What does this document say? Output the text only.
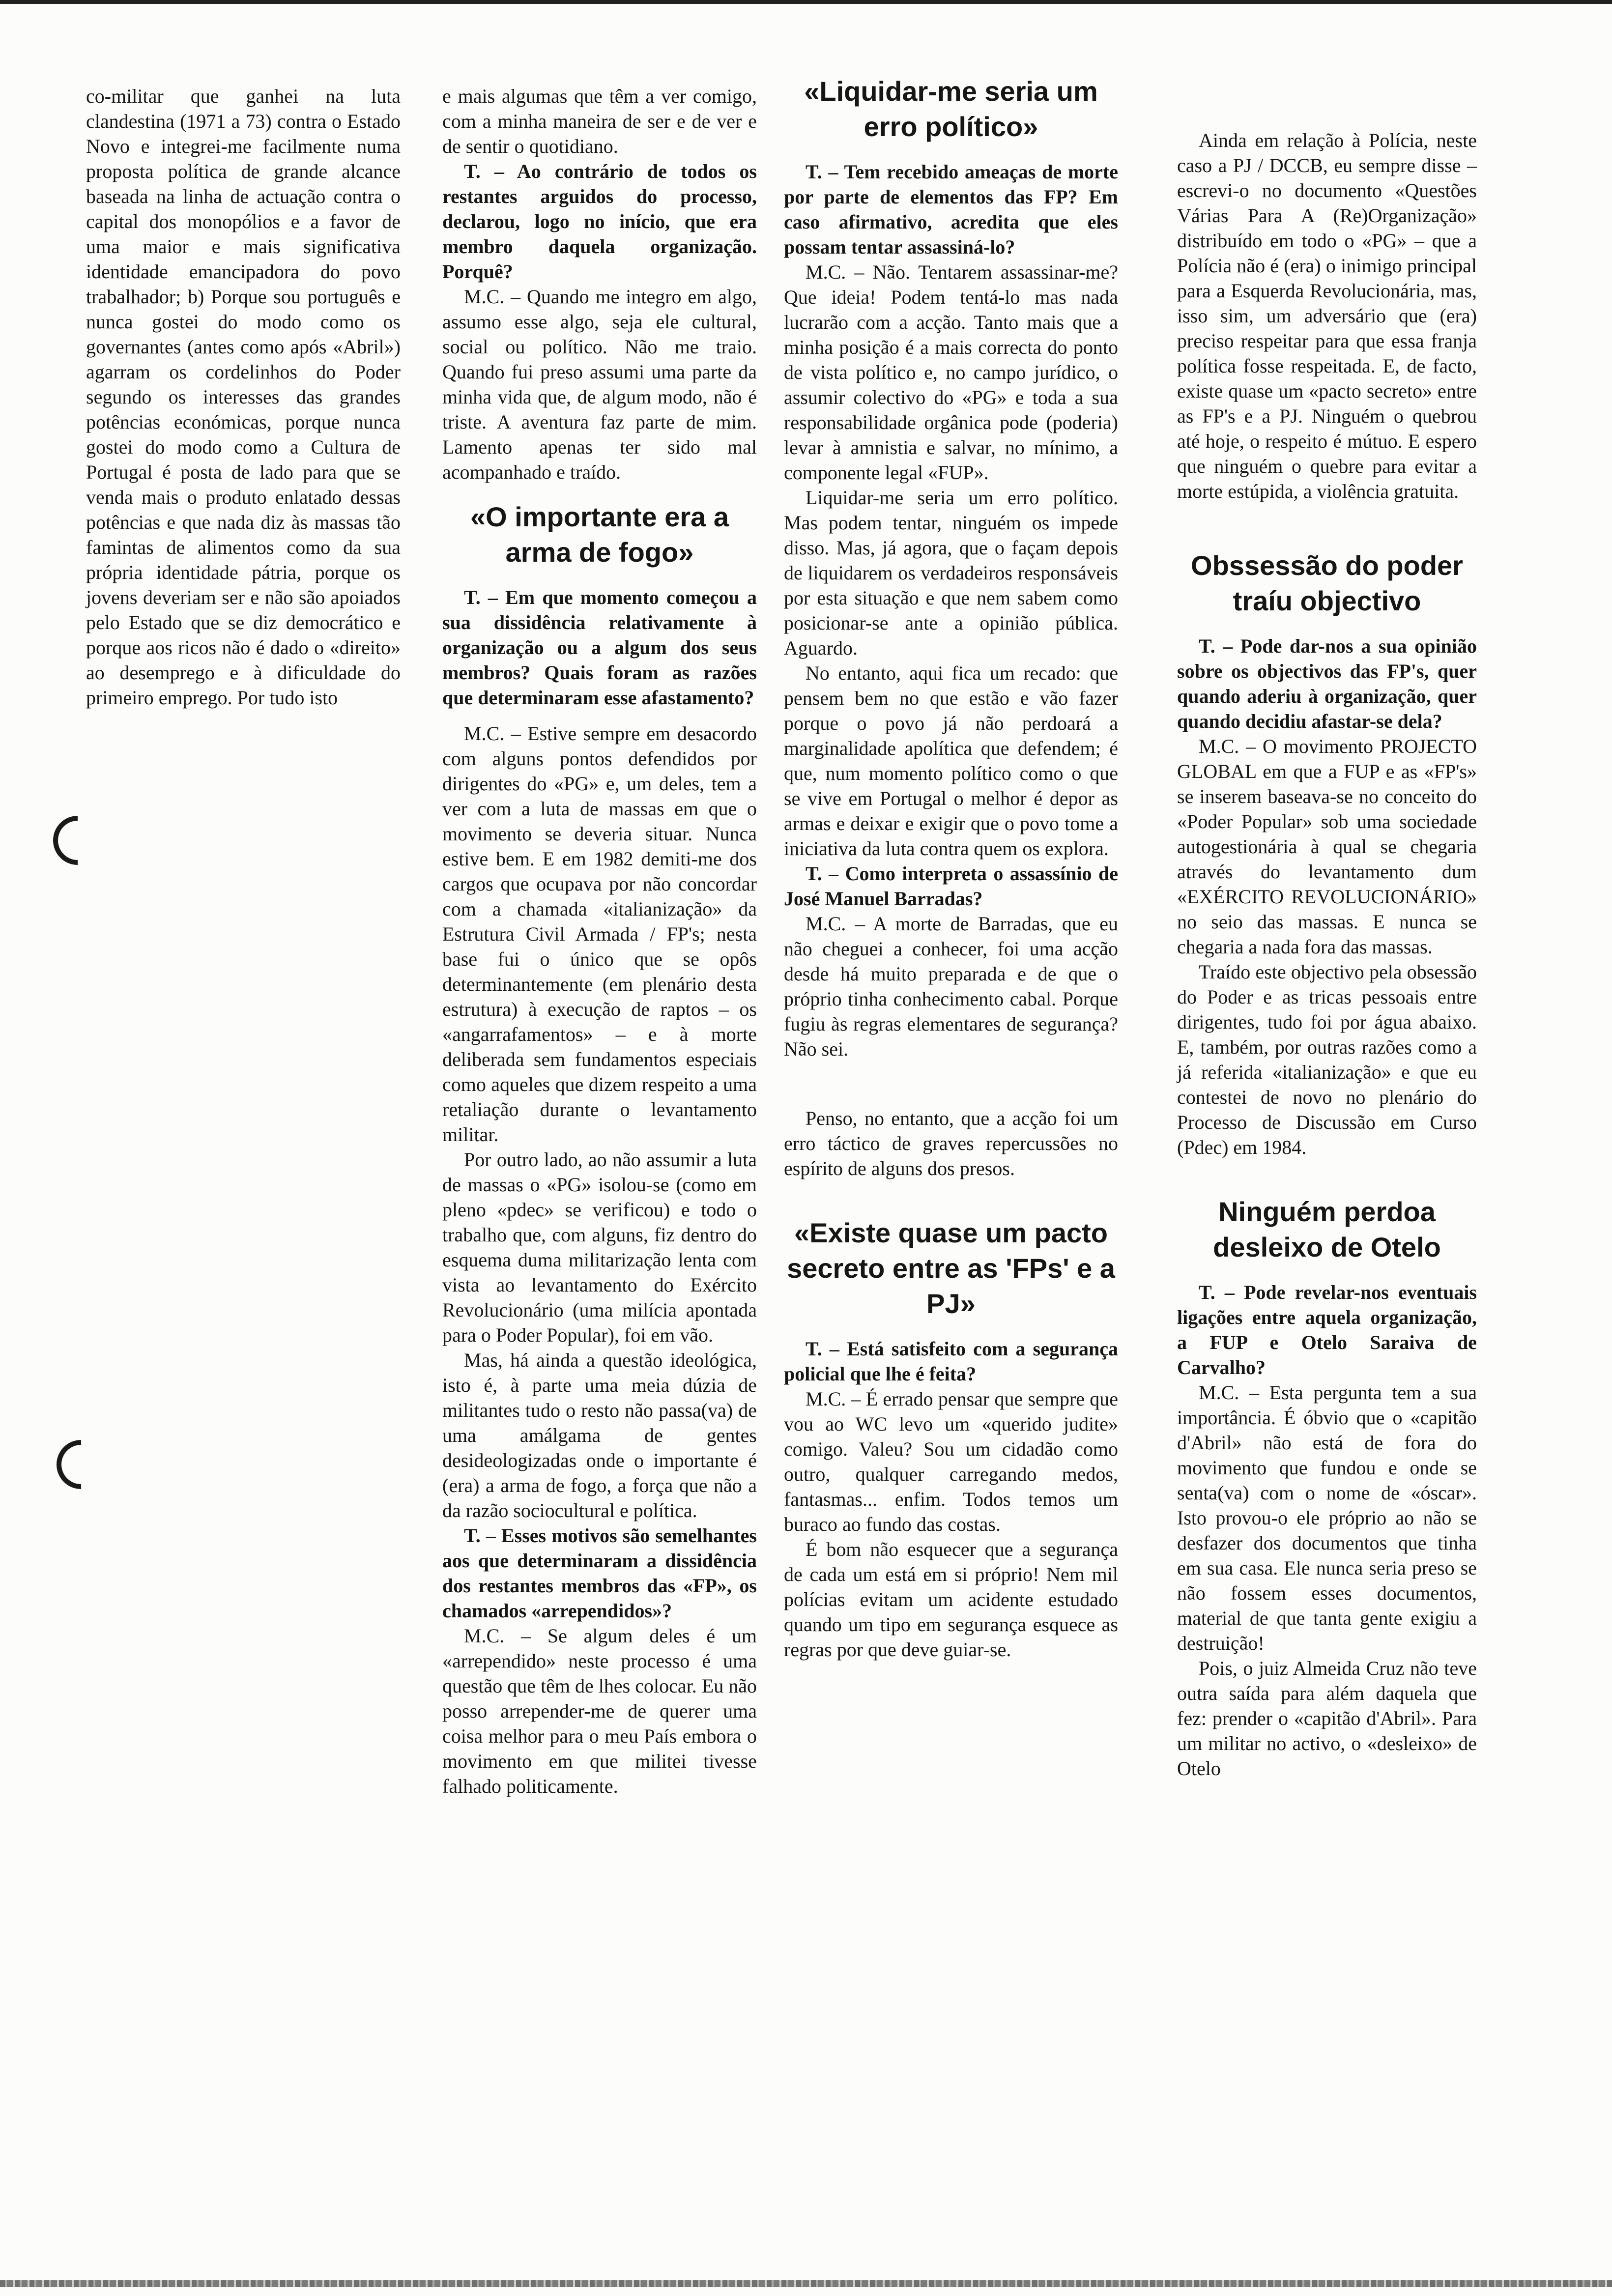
co-militar que ganhei na luta clandestina (1971 a 73) contra o Estado Novo e integrei-me facilmente numa proposta política de grande alcance baseada na linha de actuação contra o capital dos monopólios e a favor de uma maior e mais significativa identidade emancipadora do povo trabalhador; b) Porque sou português e nunca gostei do modo como os governantes (antes como após «Abril») agarram os cordelinhos do Poder segundo os interesses das grandes potências económicas, porque nunca gostei do modo como a Cultura de Portugal é posta de lado para que se venda mais o produto enlatado dessas potências e que nada diz às massas tão famintas de alimentos como da sua própria identidade pátria, porque os jovens deveriam ser e não são apoiados pelo Estado que se diz democrático e porque aos ricos não é dado o «direito» ao desemprego e à dificuldade do primeiro emprego. Por tudo isto

e mais algumas que têm a ver comigo, com a minha maneira de ser e de ver e de sentir o quotidiano.

T. – Ao contrário de todos os restantes arguidos do processo, declarou, logo no início, que era membro daquela organização. Porquê?

M.C. – Quando me integro em algo, assumo esse algo, seja ele cultural, social ou político. Não me traio. Quando fui preso assumi uma parte da minha vida que, de algum modo, não é triste. A aventura faz parte de mim. Lamento apenas ter sido mal acompanhado e traído.

«O importante era a arma de fogo»

T. – Em que momento começou a sua dissidência relativamente à organização ou a algum dos seus membros? Quais foram as razões que determinaram esse afastamento?

M.C. – Estive sempre em desacordo com alguns pontos defendidos por dirigentes do «PG» e, um deles, tem a ver com a luta de massas em que o movimento se deveria situar. Nunca estive bem. E em 1982 demiti-me dos cargos que ocupava por não concordar com a chamada «italianização» da Estrutura Civil Armada / FP's; nesta base fui o único que se opôs determinantemente (em plenário desta estrutura) à execução de raptos – os «angarrafamentos» – e à morte deliberada sem fundamentos especiais como aqueles que dizem respeito a uma retaliação durante o levantamento militar.

Por outro lado, ao não assumir a luta de massas o «PG» isolou-se (como em pleno «pdec» se verificou) e todo o trabalho que, com alguns, fiz dentro do esquema duma militarização lenta com vista ao levantamento do Exército Revolucionário (uma milícia apontada para o Poder Popular), foi em vão.

Mas, há ainda a questão ideológica, isto é, à parte uma meia dúzia de militantes tudo o resto não passa(va) de uma amálgama de gentes desideologizadas onde o importante é (era) a arma de fogo, a força que não a da razão sociocultural e política.

T. – Esses motivos são semelhantes aos que determinaram a dissidência dos restantes membros das «FP», os chamados «arrependidos»?

M.C. – Se algum deles é um «arrependido» neste processo é uma questão que têm de lhes colocar. Eu não posso arrepender-me de querer uma coisa melhor para o meu País embora o movimento em que militei tivesse falhado politicamente.

«Liquidar-me seria um erro político»

T. – Tem recebido ameaças de morte por parte de elementos das FP? Em caso afirmativo, acredita que eles possam tentar assassiná-lo?

M.C. – Não. Tentarem assassinar-me? Que ideia! Podem tentá-lo mas nada lucrarão com a acção. Tanto mais que a minha posição é a mais correcta do ponto de vista político e, no campo jurídico, o assumir colectivo do «PG» e toda a sua responsabilidade orgânica pode (poderia) levar à amnistia e salvar, no mínimo, a componente legal «FUP».

Liquidar-me seria um erro político. Mas podem tentar, ninguém os impede disso. Mas, já agora, que o façam depois de liquidarem os verdadeiros responsáveis por esta situação e que nem sabem como posicionar-se ante a opinião pública. Aguardo.

No entanto, aqui fica um recado: que pensem bem no que estão e vão fazer porque o povo já não perdoará a marginalidade apolítica que defendem; é que, num momento político como o que se vive em Portugal o melhor é depor as armas e deixar e exigir que o povo tome a iniciativa da luta contra quem os explora.

T. – Como interpreta o assassínio de José Manuel Barradas?

M.C. – A morte de Barradas, que eu não cheguei a conhecer, foi uma acção desde há muito preparada e de que o próprio tinha conhecimento cabal. Porque fugiu às regras elementares de segurança? Não sei.

Penso, no entanto, que a acção foi um erro táctico de graves repercussões no espírito de alguns dos presos.

«Existe quase um pacto secreto entre as 'FPs' e a PJ»

T. – Está satisfeito com a segurança policial que lhe é feita?

M.C. – É errado pensar que sempre que vou ao WC levo um «querido judite» comigo. Valeu? Sou um cidadão como outro, qualquer carregando medos, fantasmas... enfim. Todos temos um buraco ao fundo das costas.

É bom não esquecer que a segurança de cada um está em si próprio! Nem mil polícias evitam um acidente estudado quando um tipo em segurança esquece as regras por que deve guiar-se.

Ainda em relação à Polícia, neste caso a PJ / DCCB, eu sempre disse – escrevi-o no documento «Questões Várias Para A (Re)Organização» distribuído em todo o «PG» – que a Polícia não é (era) o inimigo principal para a Esquerda Revolucionária, mas, isso sim, um adversário que (era) preciso respeitar para que essa franja política fosse respeitada. E, de facto, existe quase um «pacto secreto» entre as FP's e a PJ. Ninguém o quebrou até hoje, o respeito é mútuo. E espero que ninguém o quebre para evitar a morte estúpida, a violência gratuita.

Obssessão do poder traíu objectivo

T. – Pode dar-nos a sua opinião sobre os objectivos das FP's, quer quando aderiu à organização, quer quando decidiu afastar-se dela?

M.C. – O movimento PROJECTO GLOBAL em que a FUP e as «FP's» se inserem baseava-se no conceito do «Poder Popular» sob uma sociedade autogestionária à qual se chegaria através do levantamento dum «EXÉRCITO REVOLUCIONÁRIO» no seio das massas. E nunca se chegaria a nada fora das massas.

Traído este objectivo pela obsessão do Poder e as tricas pessoais entre dirigentes, tudo foi por água abaixo. E, também, por outras razões como a já referida «italianização» e que eu contestei de novo no plenário do Processo de Discussão em Curso (Pdec) em 1984.

Ninguém perdoa desleixo de Otelo

T. – Pode revelar-nos eventuais ligações entre aquela organização, a FUP e Otelo Saraiva de Carvalho?

M.C. – Esta pergunta tem a sua importância. É óbvio que o «capitão d'Abril» não está de fora do movimento que fundou e onde se senta(va) com o nome de «óscar». Isto provou-o ele próprio ao não se desfazer dos documentos que tinha em sua casa. Ele nunca seria preso se não fossem esses documentos, material de que tanta gente exigiu a destruição!

Pois, o juiz Almeida Cruz não teve outra saída para além daquela que fez: prender o «capitão d'Abril». Para um militar no activo, o «desleixo» de Otelo
